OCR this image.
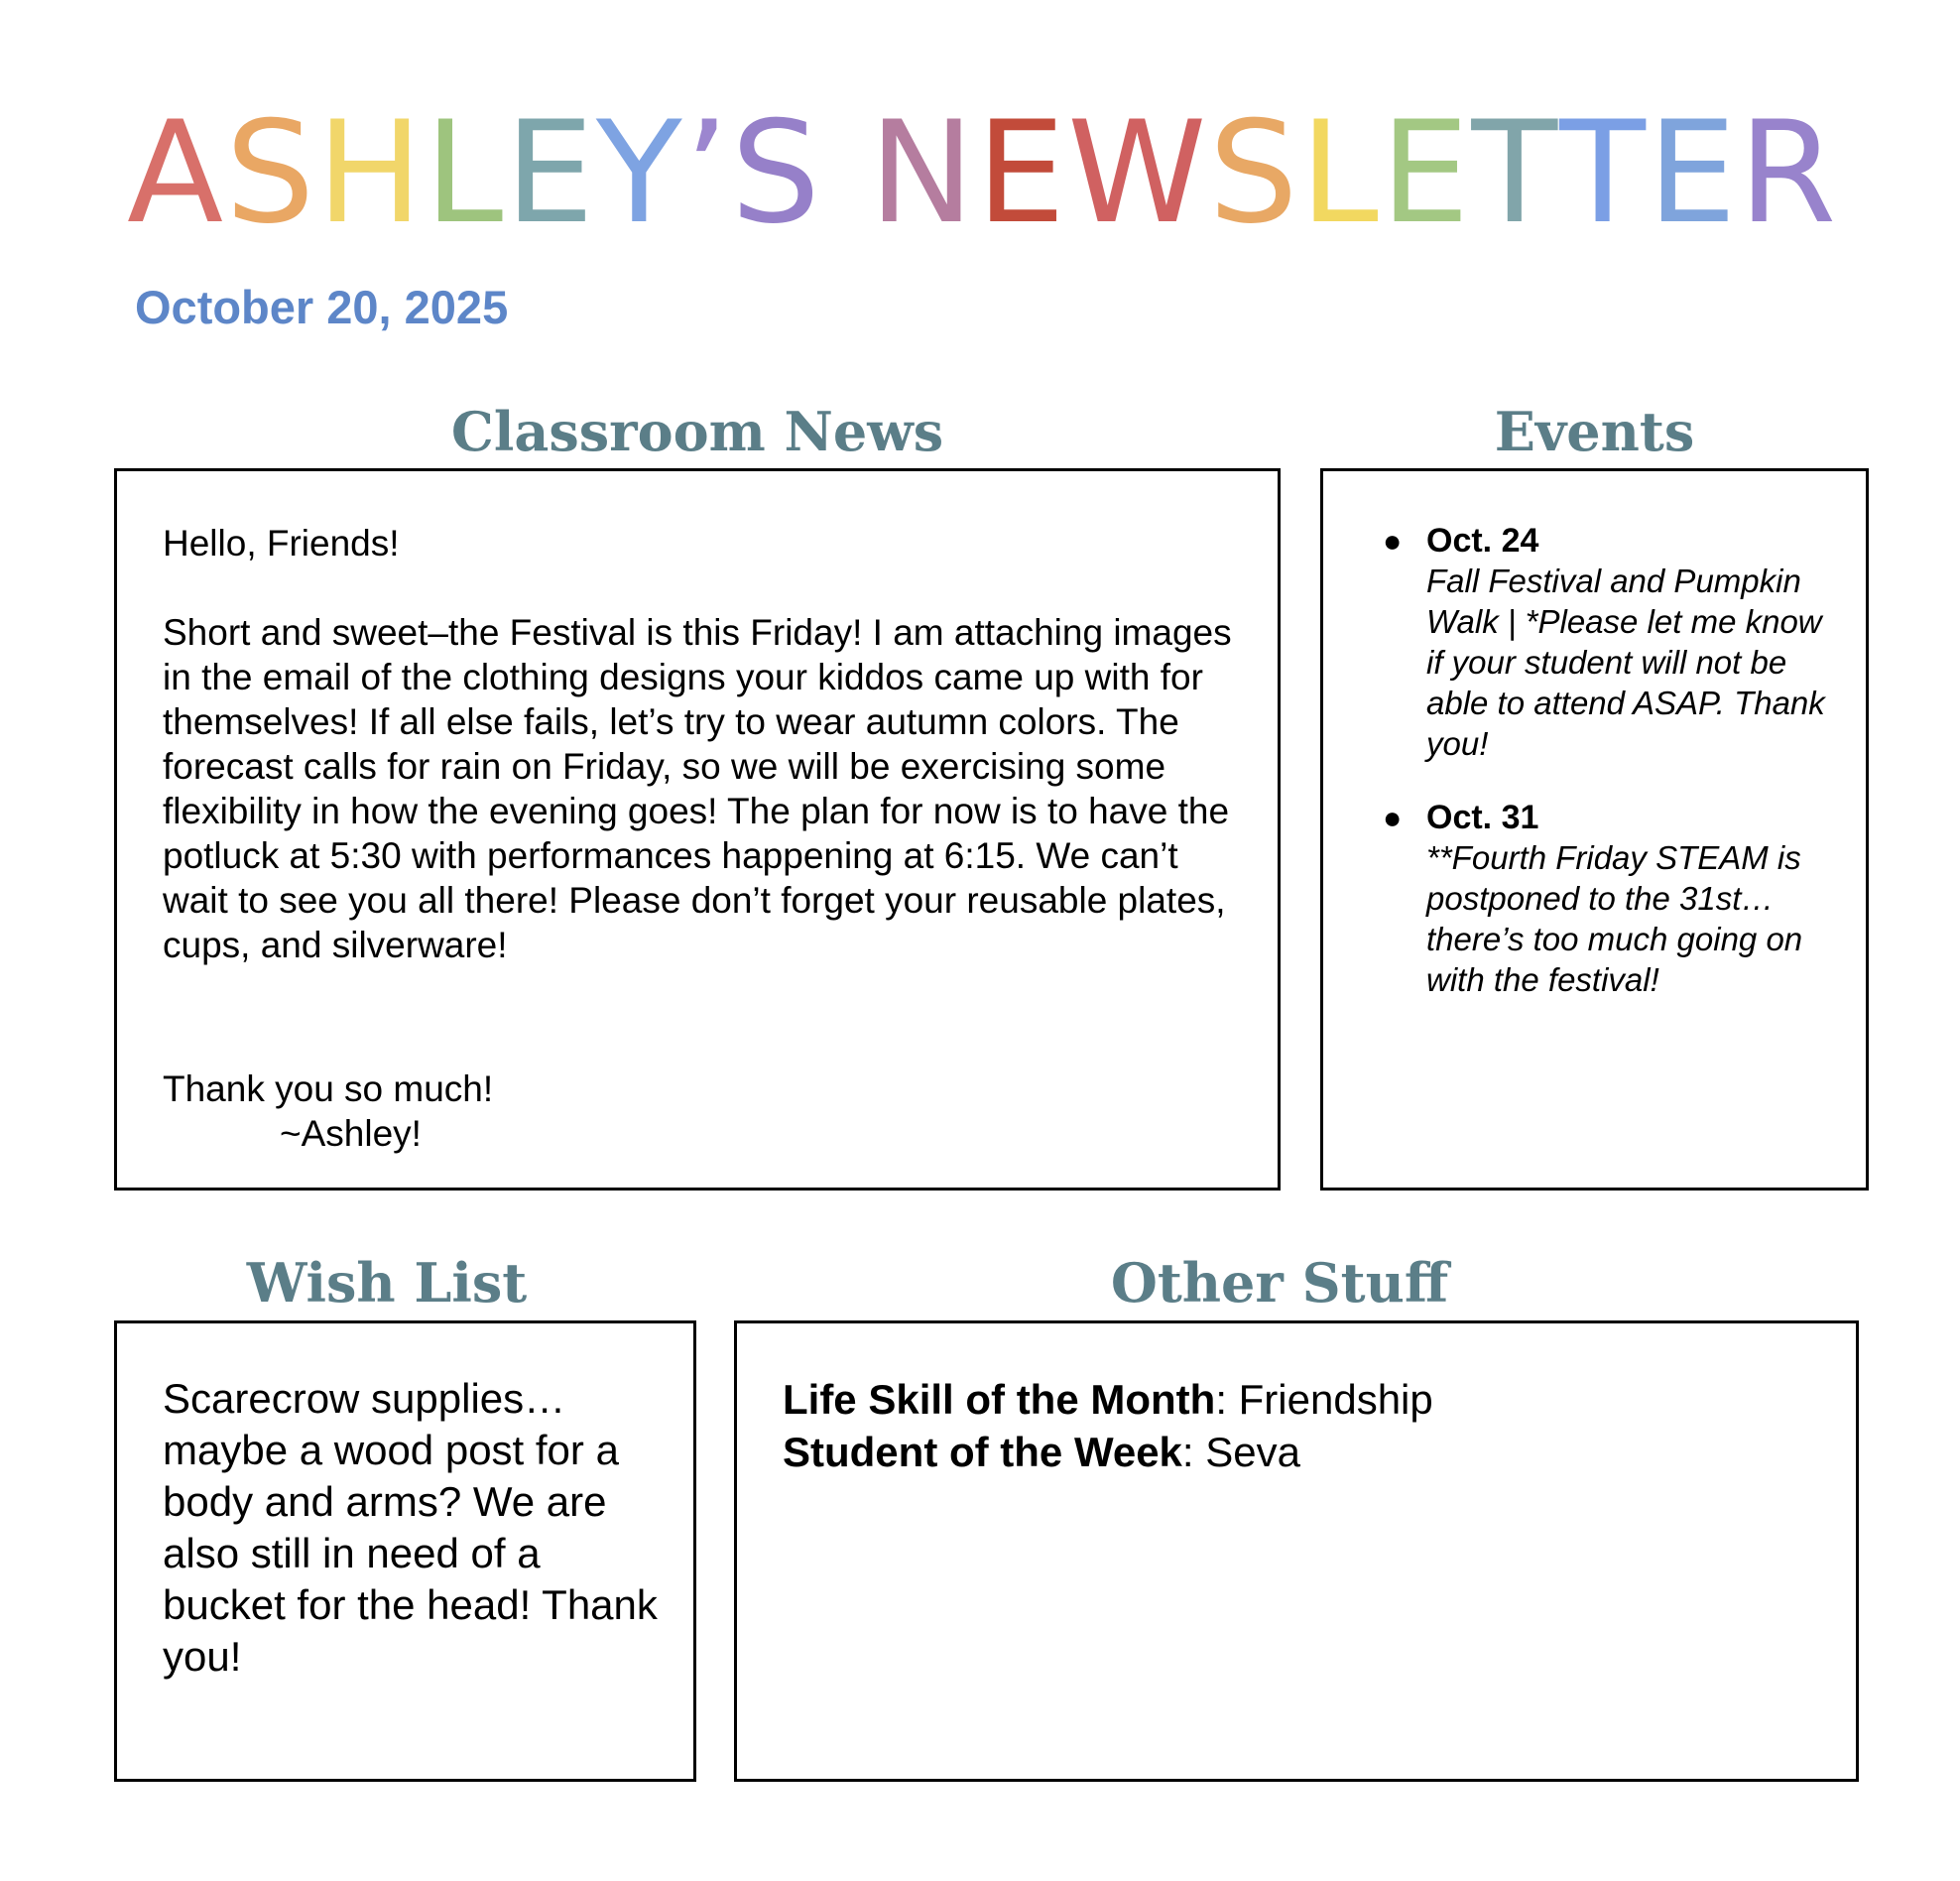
ASHLEY’S NEWSLETTER
October 20, 2025
Classroom News

Hello, Friends!

Short and sweet–the Festival is this Friday! I am attaching images in the email of the clothing designs your kiddos came up with for themselves! If all else fails, let’s try to wear autumn colors. The forecast calls for rain on Friday, so we will be exercising some flexibility in how the evening goes! The plan for now is to have the potluck at 5:30 with performances happening at 6:15. We can’t wait to see you all there! Please don’t forget your reusable plates, cups, and silverware!

Thank you so much!

~Ashley!

Events
● Oct. 24
Fall Festival and Pumpkin Walk | *Please let me know if your student will not be able to attend ASAP. Thank you!
● Oct. 31
**Fourth Friday STEAM is postponed to the 31st…there’s too much going on with the festival!
Wish List

Scarecrow supplies…maybe a wood post for a body and arms? We are also still in need of a bucket for the head! Thank you!

Other Stuff
Life Skill of the Month: Friendship
Student of the Week: Seva
